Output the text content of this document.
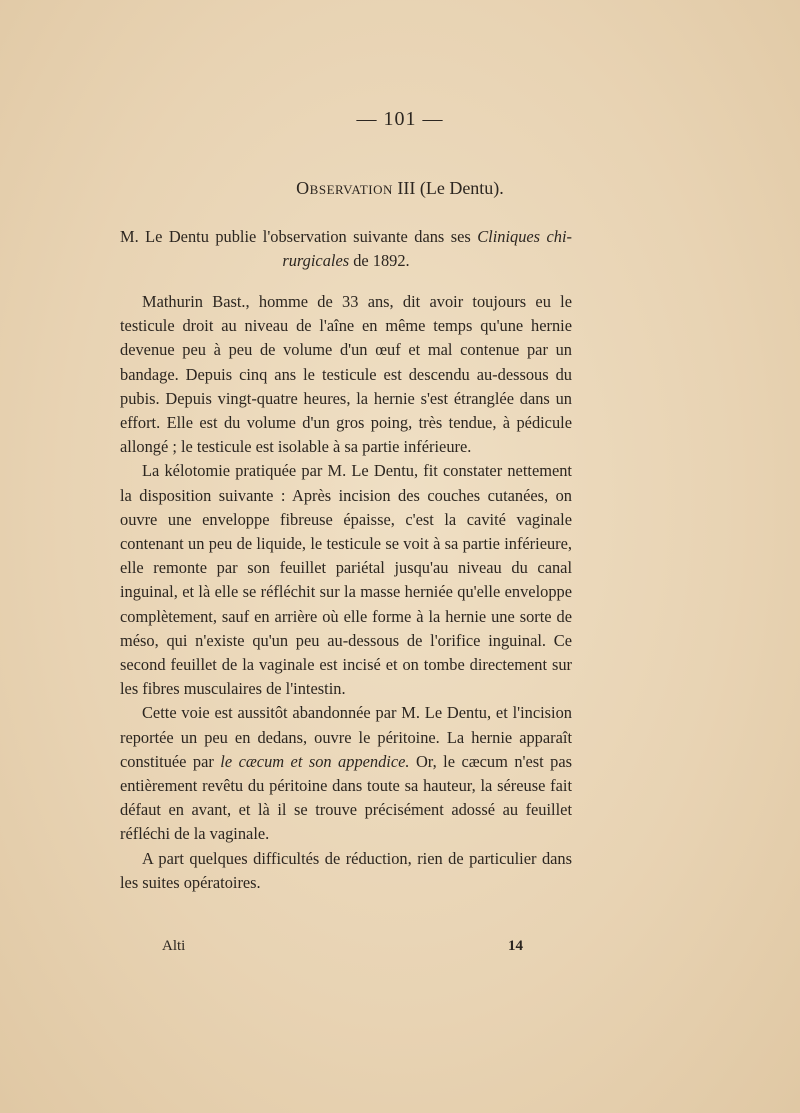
— 101 —
Observation III (Le Dentu).
M. Le Dentu publie l'observation suivante dans ses Cliniques chi-
rurgicales de 1892.

Mathurin Bast., homme de 33 ans, dit avoir toujours eu le testicule droit au niveau de l'aîne en même temps qu'une hernie devenue peu à peu de volume d'un œuf et mal contenue par un bandage. Depuis cinq ans le testicule est descendu au-dessous du pubis. Depuis vingt-quatre heures, la hernie s'est étranglée dans un effort. Elle est du volume d'un gros poing, très tendue, à pédicule allongé ; le testicule est isolable à sa partie inférieure.

La kélotomie pratiquée par M. Le Dentu, fit constater nettement la disposition suivante : Après incision des couches cutanées, on ouvre une enveloppe fibreuse épaisse, c'est la cavité vaginale contenant un peu de liquide, le testicule se voit à sa partie inférieure, elle remonte par son feuillet pariétal jusqu'au niveau du canal inguinal, et là elle se réfléchit sur la masse herniée qu'elle enveloppe complètement, sauf en arrière où elle forme à la hernie une sorte de méso, qui n'existe qu'un peu au-dessous de l'orifice inguinal. Ce second feuillet de la vaginale est incisé et on tombe directement sur les fibres musculaires de l'intestin.

Cette voie est aussitôt abandonnée par M. Le Dentu, et l'incision reportée un peu en dedans, ouvre le péritoine. La hernie apparaît constituée par le cæcum et son appendice. Or, le cæcum n'est pas entièrement revêtu du péritoine dans toute sa hauteur, la séreuse fait défaut en avant, et là il se trouve précisément adossé au feuillet réfléchi de la vaginale.

A part quelques difficultés de réduction, rien de particulier dans les suites opératoires.

Alti	14
